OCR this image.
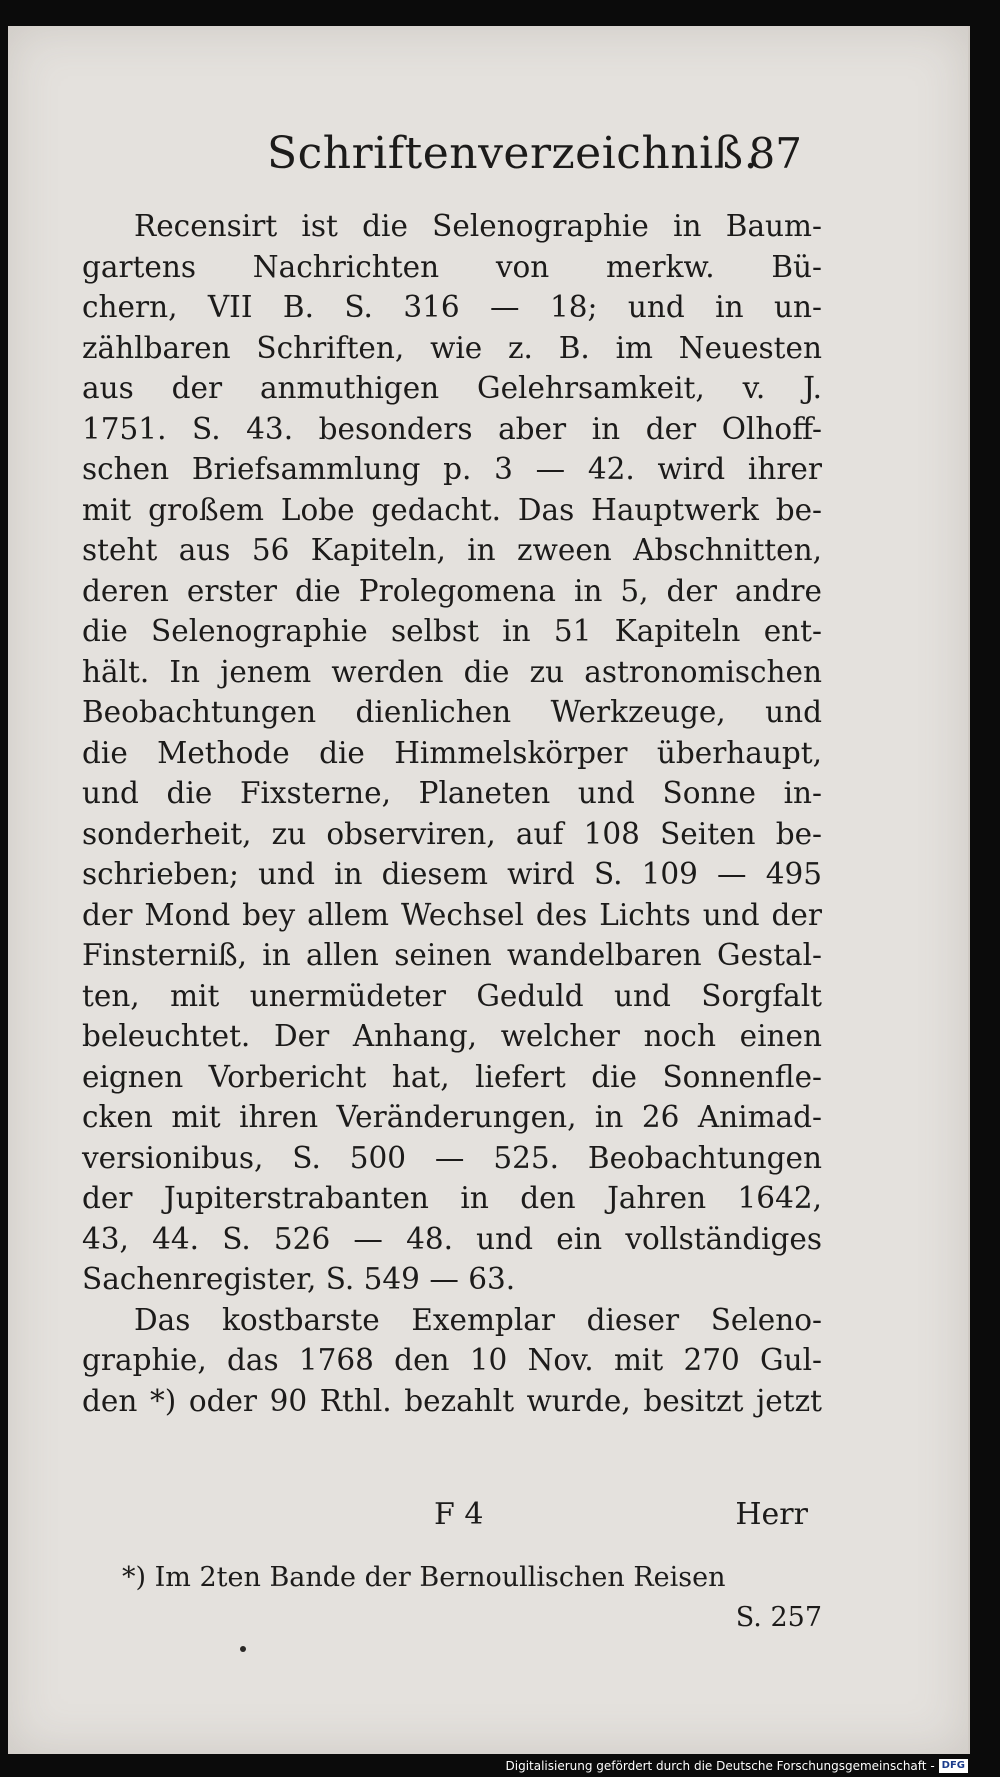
Schriftenverzeichniß.
87
Recensirt ist die Selenographie in Baum-
gartens Nachrichten von merkw. Bü-
chern, VII B. S. 316 — 18; und in un-
zählbaren Schriften, wie z. B. im Neuesten
aus der anmuthigen Gelehrsamkeit, v. J.
1751. S. 43. besonders aber in der Olhoff-
schen Briefsammlung p. 3 — 42. wird ihrer
mit großem Lobe gedacht. Das Hauptwerk be-
steht aus 56 Kapiteln, in zween Abschnitten,
deren erster die Prolegomena in 5, der andre
die Selenographie selbst in 51 Kapiteln ent-
hält. In jenem werden die zu astronomischen
Beobachtungen dienlichen Werkzeuge, und
die Methode die Himmelskörper überhaupt,
und die Fixsterne, Planeten und Sonne in-
sonderheit, zu observiren, auf 108 Seiten be-
schrieben; und in diesem wird S. 109 — 495
der Mond bey allem Wechsel des Lichts und der
Finsterniß, in allen seinen wandelbaren Gestal-
ten, mit unermüdeter Geduld und Sorgfalt
beleuchtet. Der Anhang, welcher noch einen
eignen Vorbericht hat, liefert die Sonnenfle-
cken mit ihren Veränderungen, in 26 Animad-
versionibus, S. 500 — 525. Beobachtungen
der Jupiterstrabanten in den Jahren 1642,
43, 44. S. 526 — 48. und ein vollständiges
Sachenregister, S. 549 — 63.
Das kostbarste Exemplar dieser Seleno-
graphie, das 1768 den 10 Nov. mit 270 Gul-
den *) oder 90 Rthl. bezahlt wurde, besitzt jetzt
F 4	Herr
*) Im 2ten Bande der Bernoullischen Reisen
S. 257
Digitalisierung gefördert durch die Deutsche Forschungsgemeinschaft - DFG
